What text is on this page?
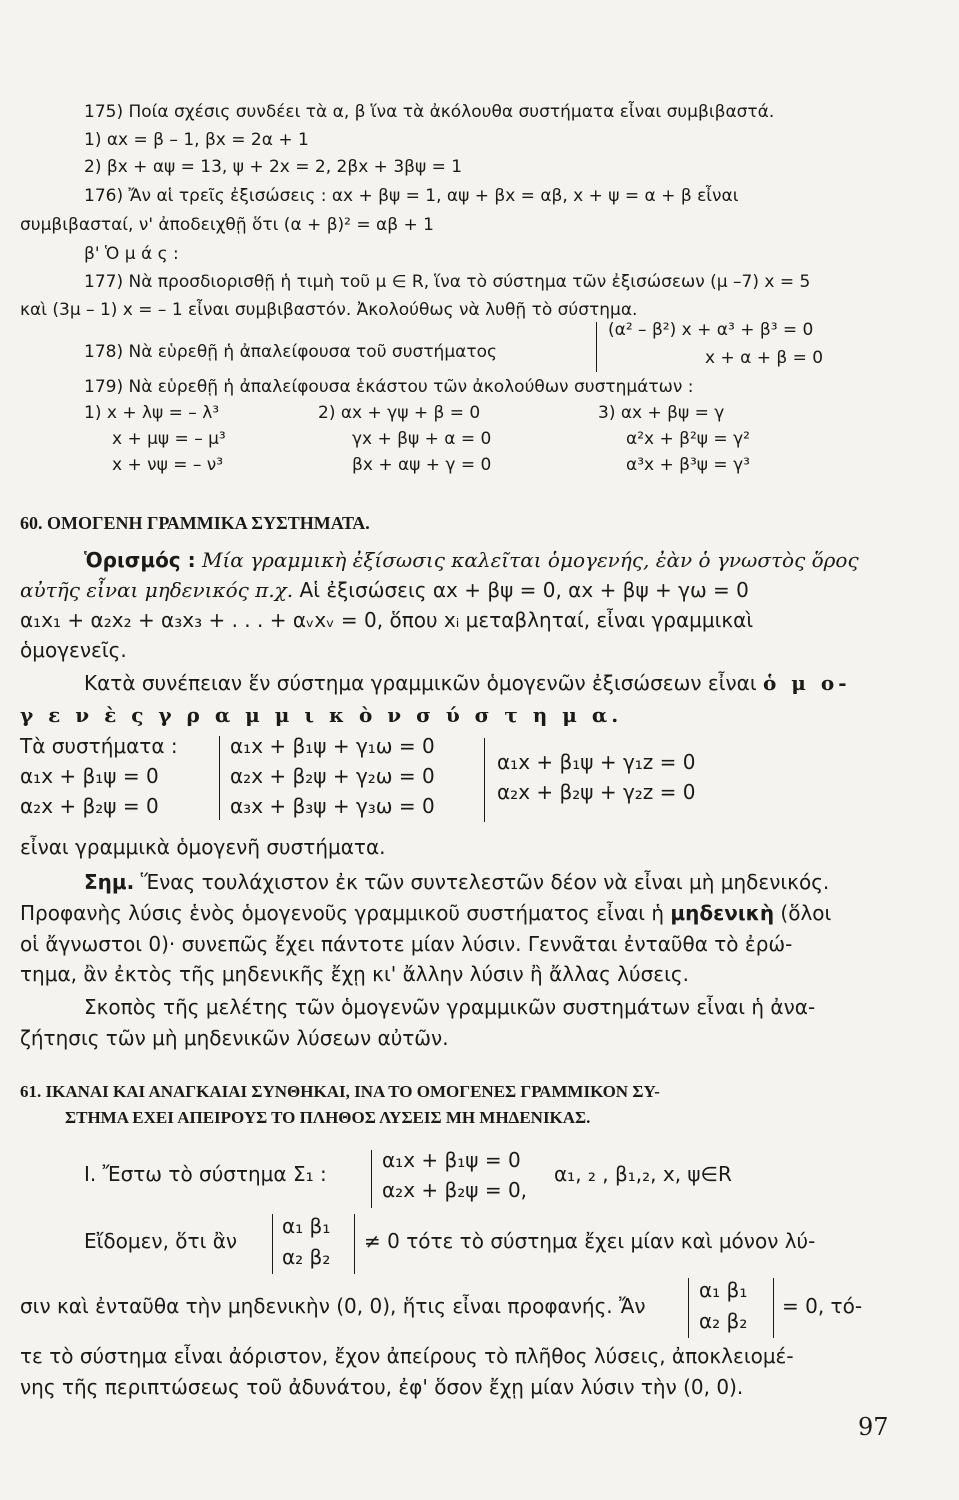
175) Ποία σχέσις συνδέει τὰ α, β ἵνα τὰ ἀκόλουθα συστήματα εἶναι συμβιβαστά.
1) αx = β – 1, βx = 2α + 1
2) βx + αψ = 13, ψ + 2x = 2, 2βx + 3βψ = 1
176) Ἄν αἱ τρεῖς ἐξισώσεις : αx + βψ = 1, αψ + βx = αβ, x + ψ = α + β εἶναι
συμβιβασταί, ν' ἀποδειχθῇ ὅτι (α + β)² = αβ + 1
β' Ὁ μ ά ς :
177) Νὰ προσδιορισθῇ ἡ τιμὴ τοῦ μ ∈ R, ἵνα τὸ σύστημα τῶν ἐξισώσεων (μ –7) x = 5
καὶ (3μ – 1) x = – 1 εἶναι συμβιβαστόν. Ἀκολούθως νὰ λυθῇ τὸ σύστημα.
178) Νὰ εὑρεθῇ ἡ ἀπαλείφουσα τοῦ συστήματος
(α² – β²) x + α³ + β³ = 0
x + α + β = 0
179) Νὰ εὑρεθῇ ἡ ἀπαλείφουσα ἑκάστου τῶν ἀκολούθων συστημάτων :
1) x + λψ = – λ³
x + μψ = – μ³
x + νψ = – ν³
2) αx + γψ + β = 0
γx + βψ + α = 0
βx + αψ + γ = 0
3) αx + βψ = γ
α²x + β²ψ = γ²
α³x + β³ψ = γ³
60. ΟΜΟΓΕΝΗ ΓΡΑΜΜΙΚΑ ΣΥΣΤΗΜΑΤΑ.
Ὁρισμός : Μία γραμμικὴ ἐξίσωσις καλεῖται ὁμογενής, ἐὰν ὁ γνωστὸς ὅρος
αὐτῆς εἶναι μηδενικός π.χ. Αἱ ἐξισώσεις αx + βψ = 0, αx + βψ + γω = 0
α₁x₁ + α₂x₂ + α₃x₃ + . . . + αᵥxᵥ = 0, ὅπου xᵢ μεταβληταί, εἶναι γραμμικαὶ
ὁμογενεῖς.
Κατὰ συνέπειαν ἕν σύστημα γραμμικῶν ὁμογενῶν ἐξισώσεων εἶναι ὁ μ ο-
γ ε ν ὲ ς γ ρ α μ μ ι κ ὸ ν σ ύ σ τ η μ α.
Τὰ συστήματα :
α₁x + β₁ψ = 0
α₂x + β₂ψ = 0
α₁x + β₁ψ + γ₁ω = 0
α₂x + β₂ψ + γ₂ω = 0
α₃x + β₃ψ + γ₃ω = 0
α₁x + β₁ψ + γ₁z = 0
α₂x + β₂ψ + γ₂z = 0
εἶναι γραμμικὰ ὁμογενῆ συστήματα.
Σημ. Ἕνας τουλάχιστον ἐκ τῶν συντελεστῶν δέον νὰ εἶναι μὴ μηδενικός.
Προφανὴς λύσις ἑνὸς ὁμογενοῦς γραμμικοῦ συστήματος εἶναι ἡ μηδενικὴ (ὅλοι
οἱ ἄγνωστοι 0)· συνεπῶς ἔχει πάντοτε μίαν λύσιν. Γεννᾶται ἐνταῦθα τὸ ἐρώ-
τημα, ἂν ἐκτὸς τῆς μηδενικῆς ἔχῃ κι' ἄλλην λύσιν ἢ ἄλλας λύσεις.
Σκοπὸς τῆς μελέτης τῶν ὁμογενῶν γραμμικῶν συστημάτων εἶναι ἡ ἀνα-
ζήτησις τῶν μὴ μηδενικῶν λύσεων αὐτῶν.
61. ΙΚΑΝΑΙ ΚΑΙ ΑΝΑΓΚΑΙΑΙ ΣΥΝΘΗΚΑΙ, ΙΝΑ ΤΟ ΟΜΟΓΕΝΕΣ ΓΡΑΜΜΙΚΟΝ ΣΥ-
ΣΤΗΜΑ ΕΧΕΙ ΑΠΕΙΡΟΥΣ ΤΟ ΠΛΗΘΟΣ ΛΥΣΕΙΣ ΜΗ ΜΗΔΕΝΙΚΑΣ.
Ι. Ἔστω τὸ σύστημα Σ₁ :
α₁x + β₁ψ = 0
α₂x + β₂ψ = 0,
α₁, ₂ , β₁,₂, x, ψ∈R
Εἴδομεν, ὅτι ἂν
α₁ β₁
α₂ β₂
≠ 0 τότε τὸ σύστημα ἔχει μίαν καὶ μόνον λύ-
σιν καὶ ἐνταῦθα τὴν μηδενικὴν (0, 0), ἥτις εἶναι προφανής. Ἄν
α₁ β₁
α₂ β₂
= 0, τό-
τε τὸ σύστημα εἶναι ἀόριστον, ἔχον ἀπείρους τὸ πλῆθος λύσεις, ἀποκλειομέ-
νης τῆς περιπτώσεως τοῦ ἀδυνάτου, ἐφ' ὅσον ἔχῃ μίαν λύσιν τὴν (0, 0).
97
